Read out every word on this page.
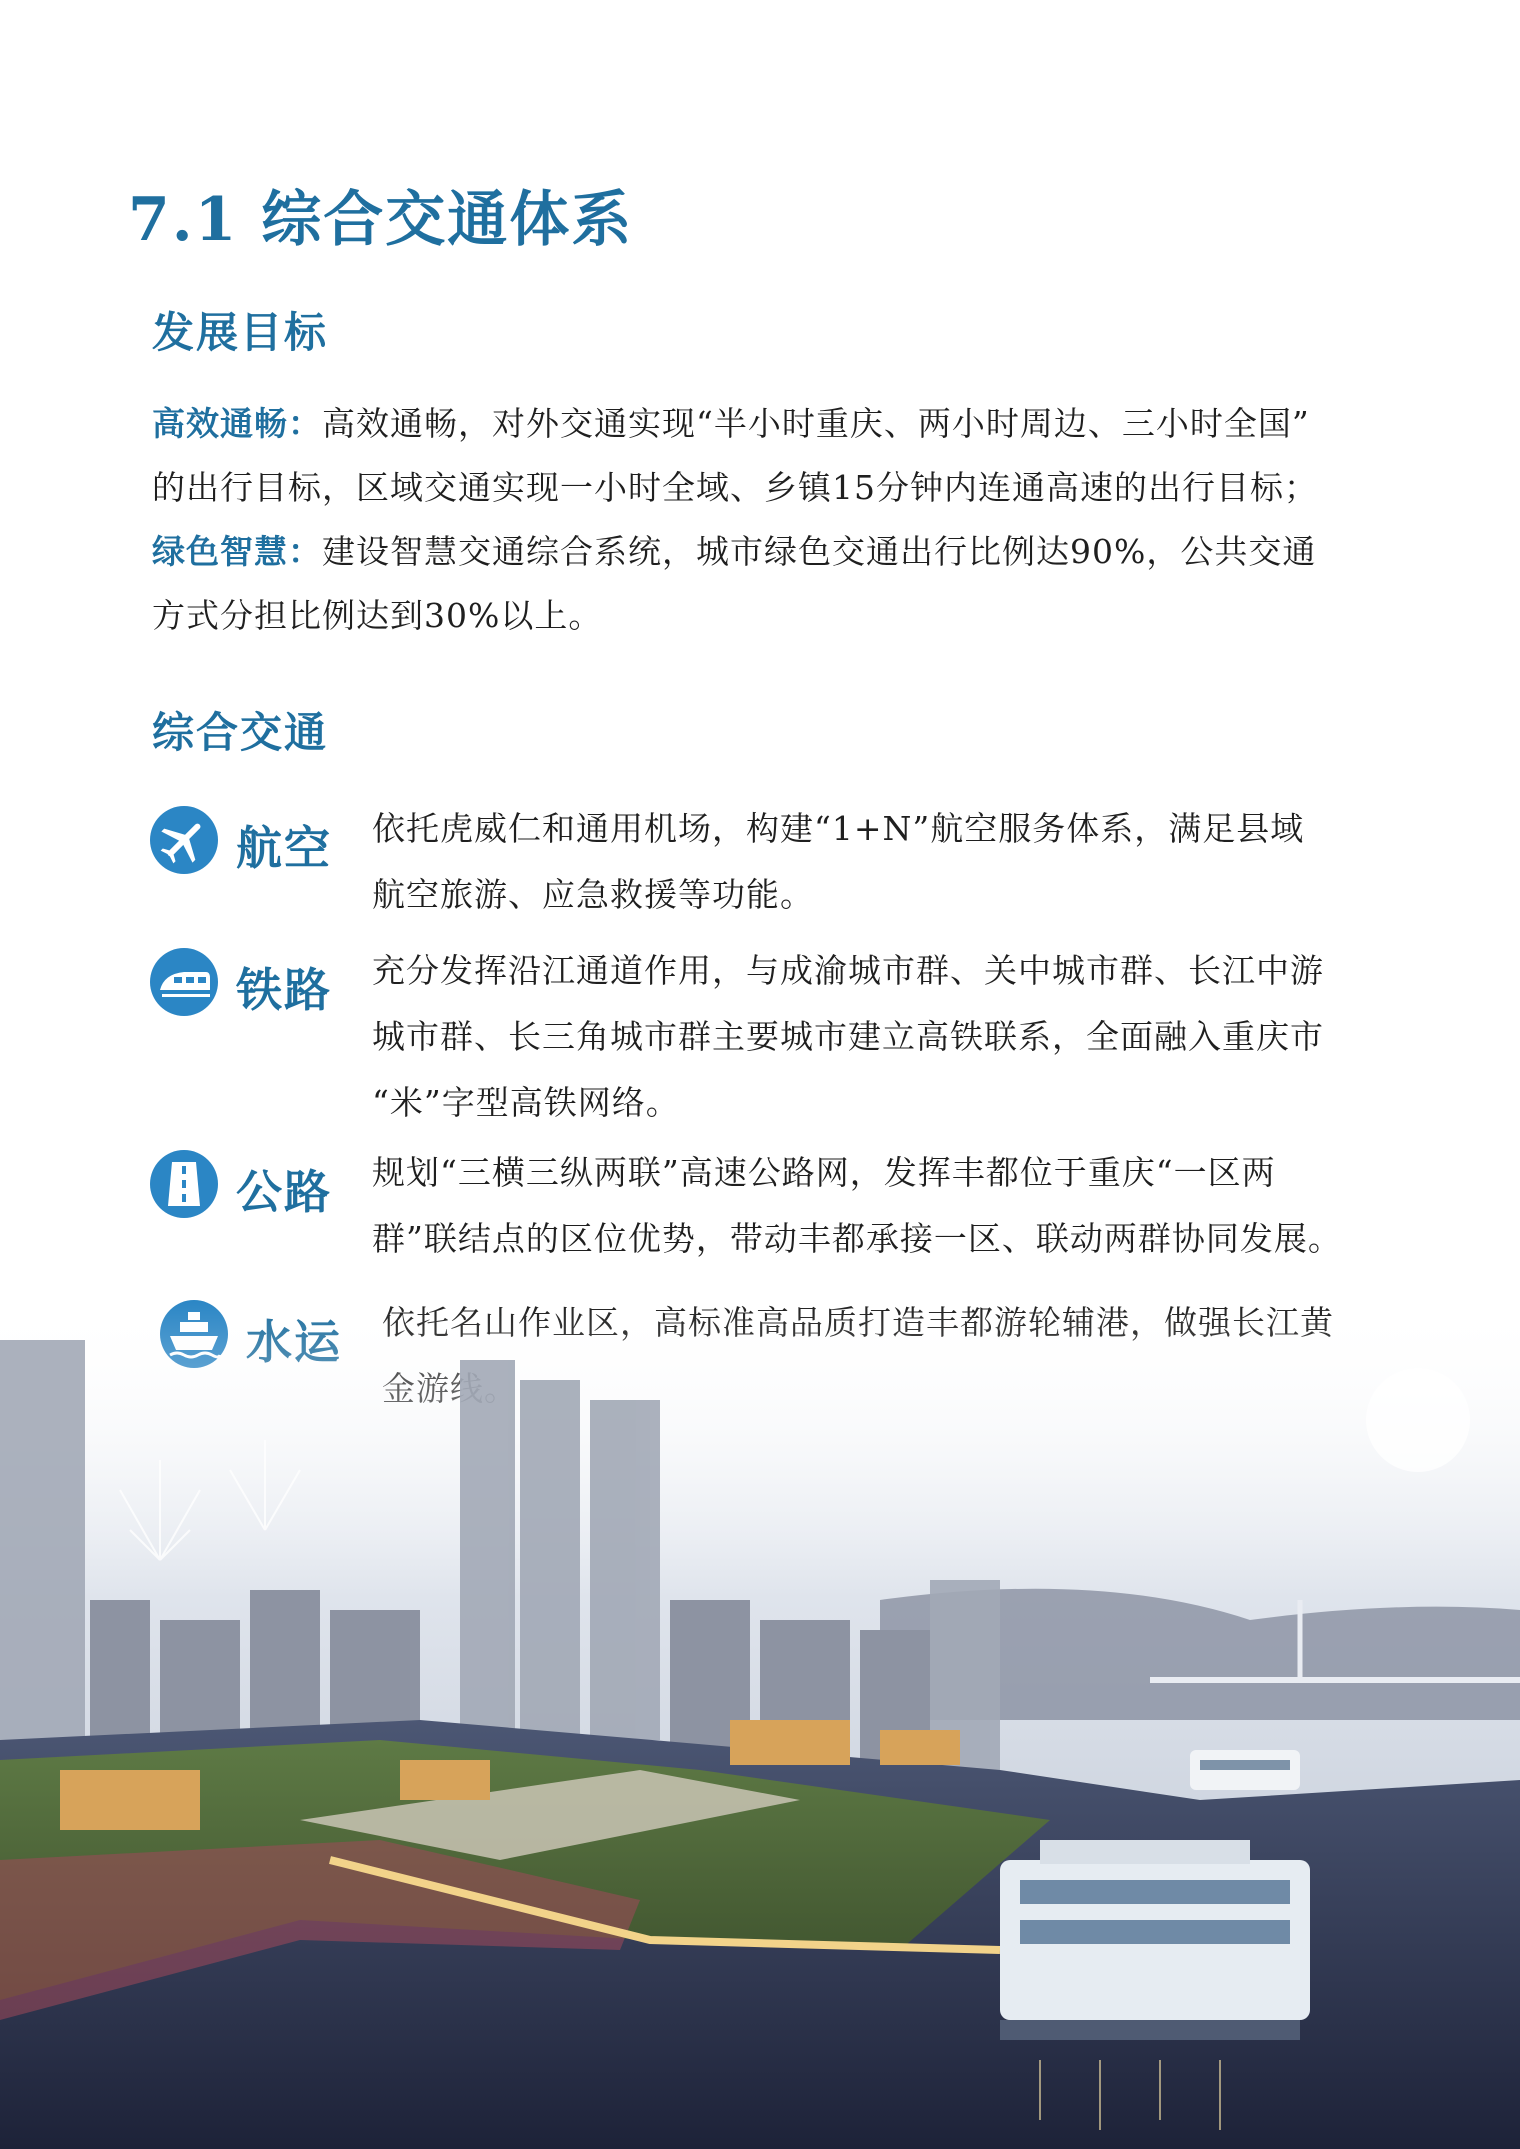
7.1 综合交通体系
发展目标
高效通畅：高效通畅，对外交通实现“半小时重庆、两小时周边、三小时全国”
的出行目标，区域交通实现一小时全域、乡镇15分钟内连通高速的出行目标；
绿色智慧：建设智慧交通综合系统，城市绿色交通出行比例达90%，公共交通
方式分担比例达到30%以上。
综合交通
航空 依托虎威仁和通用机场，构建“1+N”航空服务体系，满足县域
航空旅游、应急救援等功能。
铁路 充分发挥沿江通道作用，与成渝城市群、关中城市群、长江中游
城市群、长三角城市群主要城市建立高铁联系，全面融入重庆市
“米”字型高铁网络。
公路 规划“三横三纵两联”高速公路网，发挥丰都位于重庆“一区两
群”联结点的区位优势，带动丰都承接一区、联动两群协同发展。
